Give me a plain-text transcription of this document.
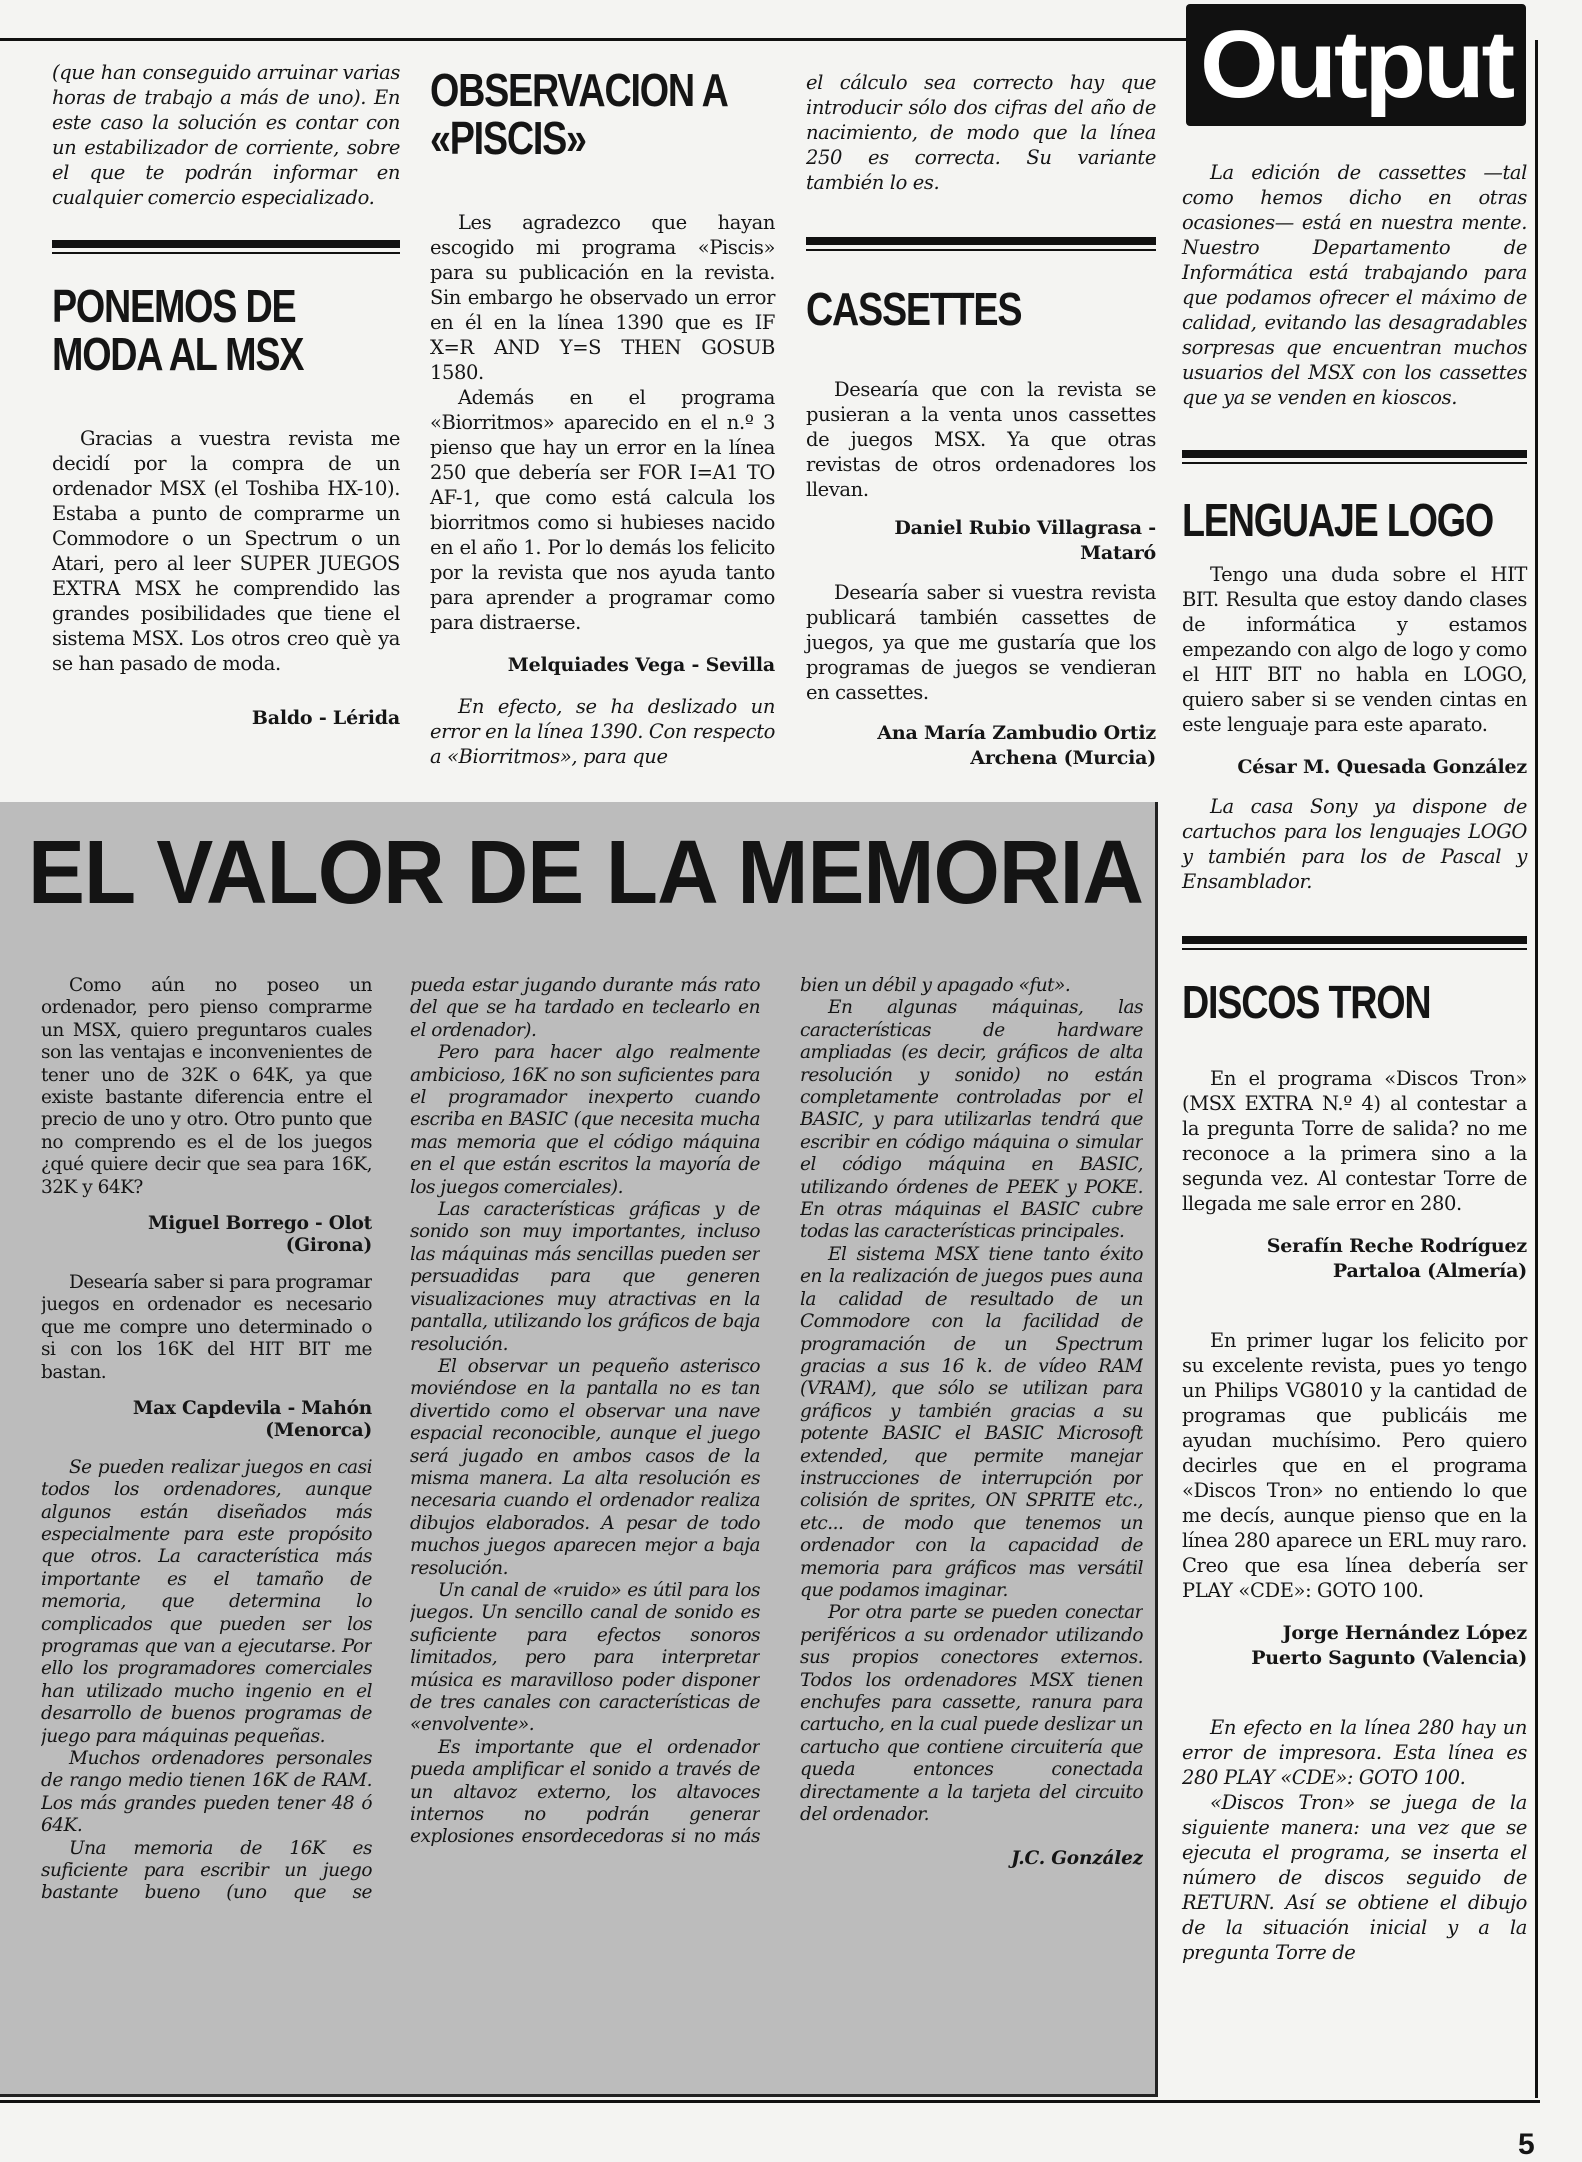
Output

(que han conseguido arruinar varias horas de trabajo a más de uno). En este caso la solución es contar con un estabilizador de corriente, sobre el que te podrán informar en cualquier comercio especializado.

PONEMOS DE

MODA AL MSX

Gracias a vuestra revista me decidí por la compra de un ordenador MSX (el Toshiba HX-10). Estaba a punto de comprarme un Commodore o un Spectrum o un Atari, pero al leer SUPER JUEGOS EXTRA MSX he comprendido las grandes posibilidades que tiene el sistema MSX. Los otros creo què ya se han pasado de moda.

Baldo - Lérida

OBSERVACION A

«PISCIS»

Les agradezco que hayan escogido mi programa «Piscis» para su publicación en la revista. Sin embargo he observado un error en él en la línea 1390 que es IF X=R AND Y=S THEN GOSUB 1580.

Además en el programa «Biorritmos» aparecido en el n.º 3 pienso que hay un error en la línea 250 que debería ser FOR I=A1 TO AF-1, que como está calcula los biorritmos como si hubieses nacido en el año 1. Por lo demás los felicito por la revista que nos ayuda tanto para aprender a programar como para distraerse.

Melquiades Vega - Sevilla

En efecto, se ha deslizado un error en la línea 1390. Con respecto a «Biorritmos», para que

el cálculo sea correcto hay que introducir sólo dos cifras del año de nacimiento, de modo que la línea 250 es correcta. Su variante también lo es.

CASSETTES

Desearía que con la revista se pusieran a la venta unos cassettes de juegos MSX. Ya que otras revistas de otros ordenadores los llevan.

Daniel Rubio Villagrasa -

Mataró

Desearía saber si vuestra revista publicará también cassettes de juegos, ya que me gustaría que los programas de juegos se vendieran en cassettes.

Ana María Zambudio Ortiz

Archena (Murcia)

La edición de cassettes —tal como hemos dicho en otras ocasiones— está en nuestra mente. Nuestro Departamento de Informática está trabajando para que podamos ofrecer el máximo de calidad, evitando las desagradables sorpresas que encuentran muchos usuarios del MSX con los cassettes que ya se venden en kioscos.

LENGUAJE LOGO

Tengo una duda sobre el HIT BIT. Resulta que estoy dando clases de informática y estamos empezando con algo de logo y como el HIT BIT no habla en LOGO, quiero saber si se venden cintas en este lenguaje para este aparato.

César M. Quesada González

La casa Sony ya dispone de cartuchos para los lenguajes LOGO y también para los de Pascal y Ensamblador.

DISCOS TRON

En el programa «Discos Tron» (MSX EXTRA N.º 4) al contestar a la pregunta Torre de salida? no me reconoce a la primera sino a la segunda vez. Al contestar Torre de llegada me sale error en 280.

Serafín Reche Rodríguez

Partaloa (Almería)

En primer lugar los felicito por su excelente revista, pues yo tengo un Philips VG8010 y la cantidad de programas que publicáis me ayudan muchísimo. Pero quiero decirles que en el programa «Discos Tron» no entiendo lo que me decís, aunque pienso que en la línea 280 aparece un ERL muy raro. Creo que esa línea debería ser PLAY «CDE»: GOTO 100.

Jorge Hernández López

Puerto Sagunto (Valencia)

En efecto en la línea 280 hay un error de impresora. Esta línea es 280 PLAY «CDE»: GOTO 100.

«Discos Tron» se juega de la siguiente manera: una vez que se ejecuta el programa, se inserta el número de discos seguido de RETURN. Así se obtiene el dibujo de la situación inicial y a la pregunta Torre de

EL VALOR DE LA MEMORIA

Como aún no poseo un ordenador, pero pienso comprarme un MSX, quiero preguntaros cuales son las ventajas e inconvenientes de tener uno de 32K o 64K, ya que existe bastante diferencia entre el precio de uno y otro. Otro punto que no comprendo es el de los juegos ¿qué quiere decir que sea para 16K, 32K y 64K?

Miguel Borrego - Olot

(Girona)

Desearía saber si para programar juegos en ordenador es necesario que me compre uno determinado o si con los 16K del HIT BIT me bastan.

Max Capdevila - Mahón

(Menorca)

Se pueden realizar juegos en casi todos los ordenadores, aunque algunos están diseñados más especialmente para este propósito que otros. La característica más importante es el tamaño de memoria, que determina lo complicados que pueden ser los programas que van a ejecutarse. Por ello los programadores comerciales han utilizado mucho ingenio en el desarrollo de buenos programas de juego para máquinas pequeñas.

Muchos ordenadores personales de rango medio tienen 16K de RAM. Los más grandes pueden tener 48 ó 64K.

Una memoria de 16K es suficiente para escribir un juego bastante bueno (uno que se

pueda estar jugando durante más rato del que se ha tardado en teclearlo en el ordenador).

Pero para hacer algo realmente ambicioso, 16K no son suficientes para el programador inexperto cuando escriba en BASIC (que necesita mucha mas memoria que el código máquina en el que están escritos la mayoría de los juegos comerciales).

Las características gráficas y de sonido son muy importantes, incluso las máquinas más sencillas pueden ser persuadidas para que generen visualizaciones muy atractivas en la pantalla, utilizando los gráficos de baja resolución.

El observar un pequeño asterisco moviéndose en la pantalla no es tan divertido como el observar una nave espacial reconocible, aunque el juego será jugado en ambos casos de la misma manera. La alta resolución es necesaria cuando el ordenador realiza dibujos elaborados. A pesar de todo muchos juegos aparecen mejor a baja resolución.

Un canal de «ruido» es útil para los juegos. Un sencillo canal de sonido es suficiente para efectos sonoros limitados, pero para interpretar música es maravilloso poder disponer de tres canales con características de «envolvente».

Es importante que el ordenador pueda amplificar el sonido a través de un altavoz externo, los altavoces internos no podrán generar explosiones ensordecedoras si no más

bien un débil y apagado «fut».

En algunas máquinas, las características de hardware ampliadas (es decir, gráficos de alta resolución y sonido) no están completamente controladas por el BASIC, y para utilizarlas tendrá que escribir en código máquina o simular el código máquina en BASIC, utilizando órdenes de PEEK y POKE. En otras máquinas el BASIC cubre todas las características principales.

El sistema MSX tiene tanto éxito en la realización de juegos pues auna la calidad de resultado de un Commodore con la facilidad de programación de un Spectrum gracias a sus 16 k. de vídeo RAM (VRAM), que sólo se utilizan para gráficos y también gracias a su potente BASIC el BASIC Microsoft extended, que permite manejar instrucciones de interrupción por colisión de sprites, ON SPRITE etc., etc... de modo que tenemos un ordenador con la capacidad de memoria para gráficos mas versátil que podamos imaginar.

Por otra parte se pueden conectar periféricos a su ordenador utilizando sus propios conectores externos. Todos los ordenadores MSX tienen enchufes para cassette, ranura para cartucho, en la cual puede deslizar un cartucho que contiene circuitería que queda entonces conectada directamente a la tarjeta del circuito del ordenador.

J.C. González

5
